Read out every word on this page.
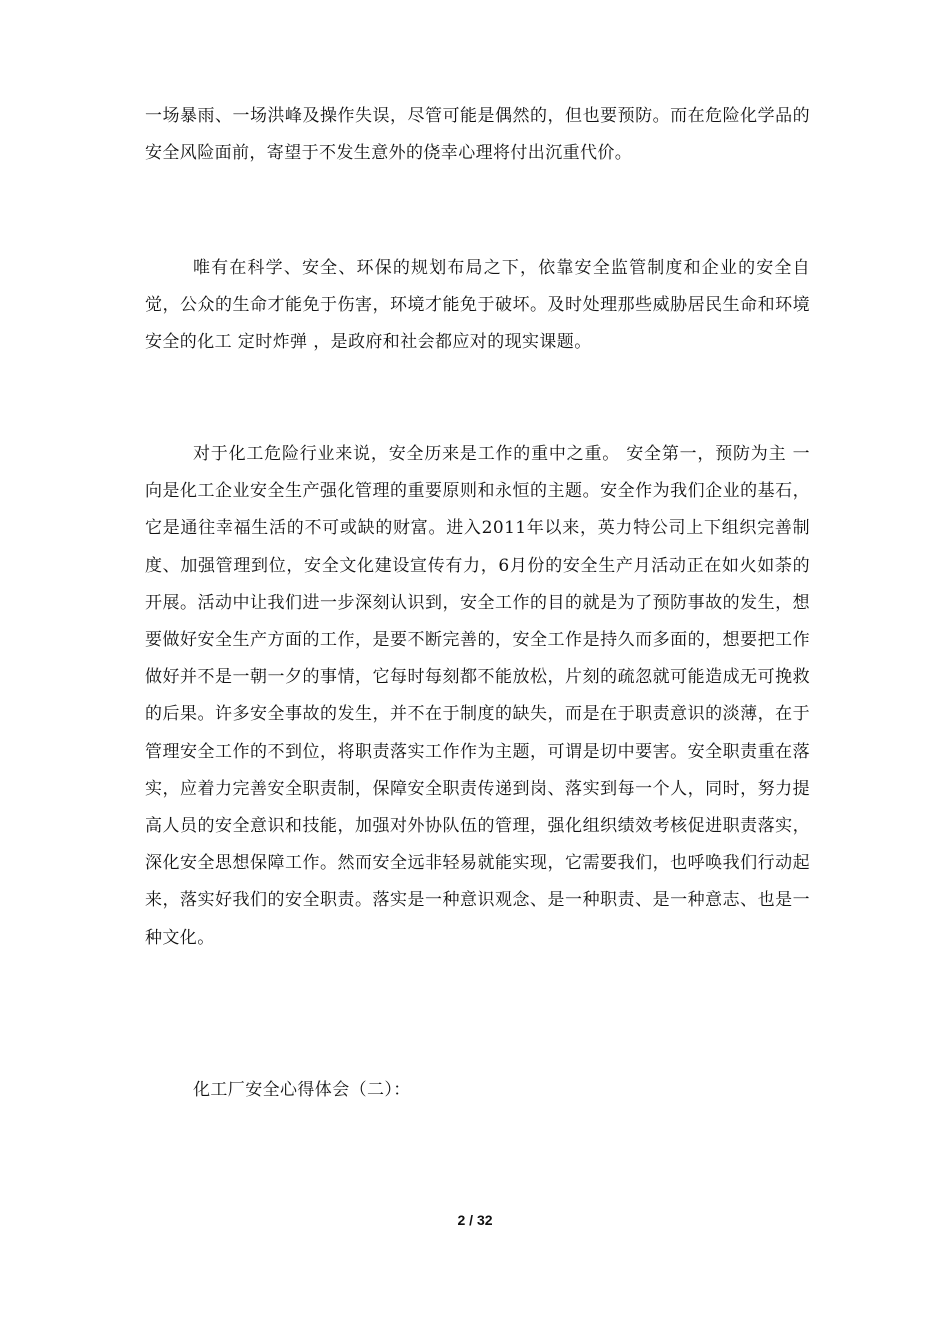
一场暴雨、一场洪峰及操作失误，尽管可能是偶然的，但也要预防。而在危险化学品的安全风险面前，寄望于不发生意外的侥幸心理将付出沉重代价。

唯有在科学、安全、环保的规划布局之下，依靠安全监管制度和企业的安全自觉，公众的生命才能免于伤害，环境才能免于破坏。及时处理那些威胁居民生命和环境安全的化工 定时炸弹 ，是政府和社会都应对的现实课题。

对于化工危险行业来说，安全历来是工作的重中之重。 安全第一，预防为主 一向是化工企业安全生产强化管理的重要原则和永恒的主题。安全作为我们企业的基石，它是通往幸福生活的不可或缺的财富。进入2011年以来，英力特公司上下组织完善制度、加强管理到位，安全文化建设宣传有力，6月份的安全生产月活动正在如火如荼的开展。活动中让我们进一步深刻认识到，安全工作的目的就是为了预防事故的发生，想要做好安全生产方面的工作，是要不断完善的，安全工作是持久而多面的，想要把工作做好并不是一朝一夕的事情，它每时每刻都不能放松，片刻的疏忽就可能造成无可挽救的后果。许多安全事故的发生，并不在于制度的缺失，而是在于职责意识的淡薄，在于管理安全工作的不到位，将职责落实工作作为主题，可谓是切中要害。安全职责重在落实，应着力完善安全职责制，保障安全职责传递到岗、落实到每一个人，同时，努力提高人员的安全意识和技能，加强对外协队伍的管理，强化组织绩效考核促进职责落实，深化安全思想保障工作。然而安全远非轻易就能实现，它需要我们，也呼唤我们行动起来，落实好我们的安全职责。落实是一种意识观念、是一种职责、是一种意志、也是一种文化。

化工厂安全心得体会（二）：

2 / 32
